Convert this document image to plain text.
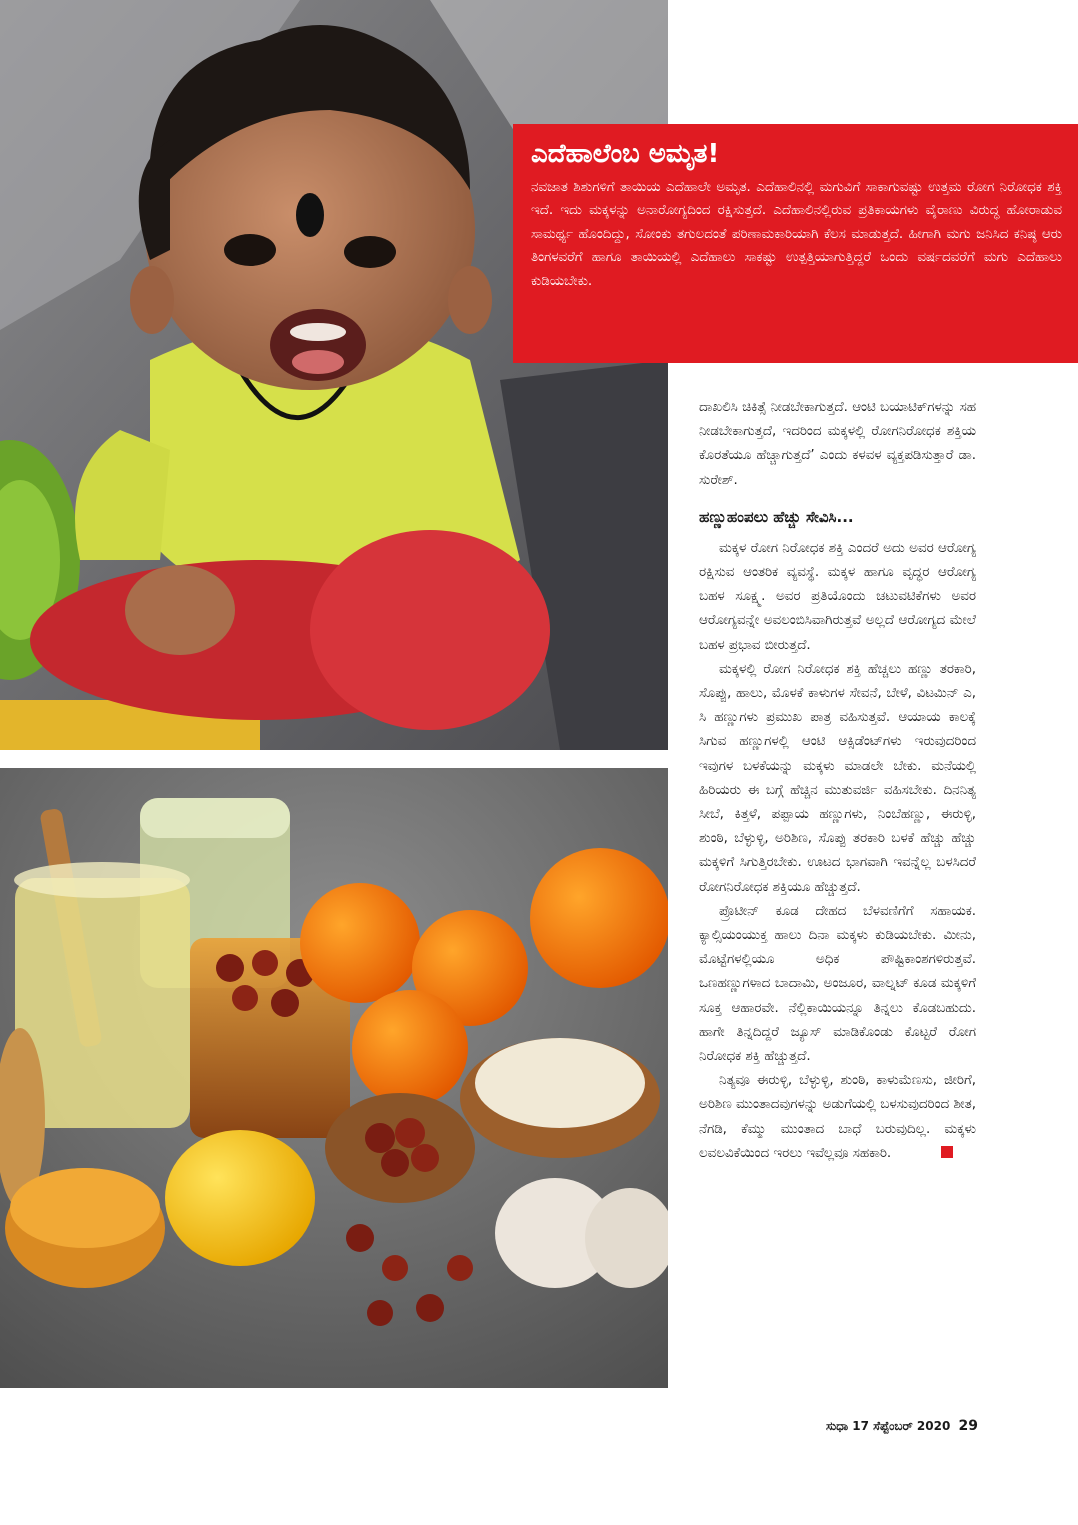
ಎದೆಹಾಲೆಂಬ ಅಮೃತ!

ನವಜಾತ ಶಿಶುಗಳಿಗೆ ತಾಯಿಯ ಎದೆಹಾಲೇ ಅಮೃತ. ಎದೆಹಾಲಿನಲ್ಲಿ ಮಗುವಿಗೆ ಸಾಕಾಗುವಷ್ಟು ಉತ್ತಮ ರೋಗ ನಿರೋಧಕ ಶಕ್ತಿ ಇದೆ. ಇದು ಮಕ್ಕಳನ್ನು ಅನಾರೋಗ್ಯದಿಂದ ರಕ್ಷಿಸುತ್ತದೆ. ಎದೆಹಾಲಿನಲ್ಲಿರುವ ಪ್ರತಿಕಾಯಗಳು ವೈರಾಣು ವಿರುದ್ಧ ಹೋರಾಡುವ ಸಾಮರ್ಥ್ಯ ಹೊಂದಿದ್ದು, ಸೋಂಕು ತಗುಲದಂತೆ ಪರಿಣಾಮಕಾರಿಯಾಗಿ ಕೆಲಸ ಮಾಡುತ್ತದೆ. ಹೀಗಾಗಿ ಮಗು ಜನಿಸಿದ ಕನಿಷ್ಠ ಆರು ತಿಂಗಳವರೆಗೆ ಹಾಗೂ ತಾಯಿಯಲ್ಲಿ ಎದೆಹಾಲು ಸಾಕಷ್ಟು ಉತ್ಪತ್ತಿಯಾಗುತ್ತಿದ್ದರೆ ಒಂದು ವರ್ಷದವರೆಗೆ ಮಗು ಎದೆಹಾಲು ಕುಡಿಯಬೇಕು.

ದಾಖಲಿಸಿ ಚಿಕಿತ್ಸೆ ನೀಡಬೇಕಾಗುತ್ತದೆ. ಆಂಟಿ ಬಯಾಟಿಕ್‌ಗಳನ್ನು ಸಹ ನೀಡಬೇಕಾಗುತ್ತದೆ, ಇದರಿಂದ ಮಕ್ಕಳಲ್ಲಿ ರೋಗನಿರೋಧಕ ಶಕ್ತಿಯ ಕೊರತೆಯೂ ಹೆಚ್ಚಾಗುತ್ತದೆ’ ಎಂದು ಕಳವಳ ವ್ಯಕ್ತಪಡಿಸುತ್ತಾರೆ ಡಾ. ಸುರೇಶ್.

ಹಣ್ಣುಹಂಪಲು ಹೆಚ್ಚು ಸೇವಿಸಿ...

ಮಕ್ಕಳ ರೋಗ ನಿರೋಧಕ ಶಕ್ತಿ ಎಂದರೆ ಅದು ಅವರ ಆರೋಗ್ಯ ರಕ್ಷಿಸುವ ಆಂತರಿಕ ವ್ಯವಸ್ಥೆ. ಮಕ್ಕಳ ಹಾಗೂ ವೃದ್ಧರ ಆರೋಗ್ಯ ಬಹಳ ಸೂಕ್ಷ್ಮ. ಅವರ ಪ್ರತಿಯೊಂದು ಚಟುವಟಿಕೆಗಳು ಅವರ ಆರೋಗ್ಯವನ್ನೇ ಅವಲಂಬಿಸಿವಾಗಿರುತ್ತವೆ ಅಲ್ಲದೆ ಆರೋಗ್ಯದ ಮೇಲೆ ಬಹಳ ಪ್ರಭಾವ ಬೀರುತ್ತದೆ.

ಮಕ್ಕಳಲ್ಲಿ ರೋಗ ನಿರೋಧಕ ಶಕ್ತಿ ಹೆಚ್ಚಲು ಹಣ್ಣು ತರಕಾರಿ, ಸೊಪ್ಪು, ಹಾಲು, ಮೊಳಕೆ ಕಾಳುಗಳ ಸೇವನೆ, ಬೇಳೆ, ವಿಟಮಿನ್ ಎ, ಸಿ ಹಣ್ಣುಗಳು ಪ್ರಮುಖ ಪಾತ್ರ ವಹಿಸುತ್ತವೆ. ಆಯಾಯ ಕಾಲಕ್ಕೆ ಸಿಗುವ ಹಣ್ಣುಗಳಲ್ಲಿ ಆಂಟಿ ಆಕ್ಸಿಡೆಂಟ್‌ಗಳು ಇರುವುದರಿಂದ ಇವುಗಳ ಬಳಕೆಯನ್ನು ಮಕ್ಕಳು ಮಾಡಲೇ ಬೇಕು. ಮನೆಯಲ್ಲಿ ಹಿರಿಯರು ಈ ಬಗ್ಗೆ ಹೆಚ್ಚಿನ ಮುತುವರ್ಜಿ ವಹಿಸಬೇಕು. ದಿನನಿತ್ಯ ಸೀಬೆ, ಕಿತ್ತಳೆ, ಪಪ್ಪಾಯ ಹಣ್ಣುಗಳು, ನಿಂಬೆಹಣ್ಣು, ಈರುಳ್ಳಿ, ಶುಂಠಿ, ಬೆಳ್ಳುಳ್ಳಿ, ಅರಿಶಿಣ, ಸೊಪ್ಪು ತರಕಾರಿ ಬಳಕೆ ಹೆಚ್ಚು ಹೆಚ್ಚು ಮಕ್ಕಳಿಗೆ ಸಿಗುತ್ತಿರಬೇಕು. ಊಟದ ಭಾಗವಾಗಿ ಇವನ್ನೆಲ್ಲ ಬಳಸಿದರೆ ರೋಗನಿರೋಧಕ ಶಕ್ತಿಯೂ ಹೆಚ್ಚುತ್ತದೆ.

ಪ್ರೊಟೀನ್ ಕೂಡ ದೇಹದ ಬೆಳವಣಿಗೆಗೆ ಸಹಾಯಕ. ಕ್ಯಾಲ್ಸಿಯಂಯುಕ್ತ ಹಾಲು ದಿನಾ ಮಕ್ಕಳು ಕುಡಿಯಬೇಕು. ಮೀನು, ಮೊಟ್ಟೆಗಳಲ್ಲಿಯೂ ಅಧಿಕ ಪೌಷ್ಟಿಕಾಂಶಗಳಿರುತ್ತವೆ. ಒಣಹಣ್ಣುಗಳಾದ ಬಾದಾಮಿ, ಅಂಜೂರ, ವಾಲ್ನಟ್ ಕೂಡ ಮಕ್ಕಳಿಗೆ ಸೂಕ್ತ ಆಹಾರವೇ. ನೆಲ್ಲಿಕಾಯಿಯನ್ನೂ ತಿನ್ನಲು ಕೊಡಬಹುದು. ಹಾಗೇ ತಿನ್ನದಿದ್ದರೆ ಜ್ಯೂಸ್ ಮಾಡಿಕೊಂಡು ಕೊಟ್ಟರೆ ರೋಗ ನಿರೋಧಕ ಶಕ್ತಿ ಹೆಚ್ಚುತ್ತದೆ.

ನಿತ್ಯವೂ ಈರುಳ್ಳಿ, ಬೆಳ್ಳುಳ್ಳಿ, ಶುಂಠಿ, ಕಾಳುಮೆಣಸು, ಜೀರಿಗೆ, ಅರಿಶಿಣ ಮುಂತಾದವುಗಳನ್ನು ಅಡುಗೆಯಲ್ಲಿ ಬಳಸುವುದರಿಂದ ಶೀತ, ನೆಗಡಿ, ಕೆಮ್ಮು ಮುಂತಾದ ಬಾಧೆ ಬರುವುದಿಲ್ಲ. ಮಕ್ಕಳು ಲವಲವಿಕೆಯಿಂದ ಇರಲು ಇವೆಲ್ಲವೂ ಸಹಕಾರಿ.

ಸುಧಾ 17 ಸೆಪ್ಟೆಂಬರ್ 2020 29
